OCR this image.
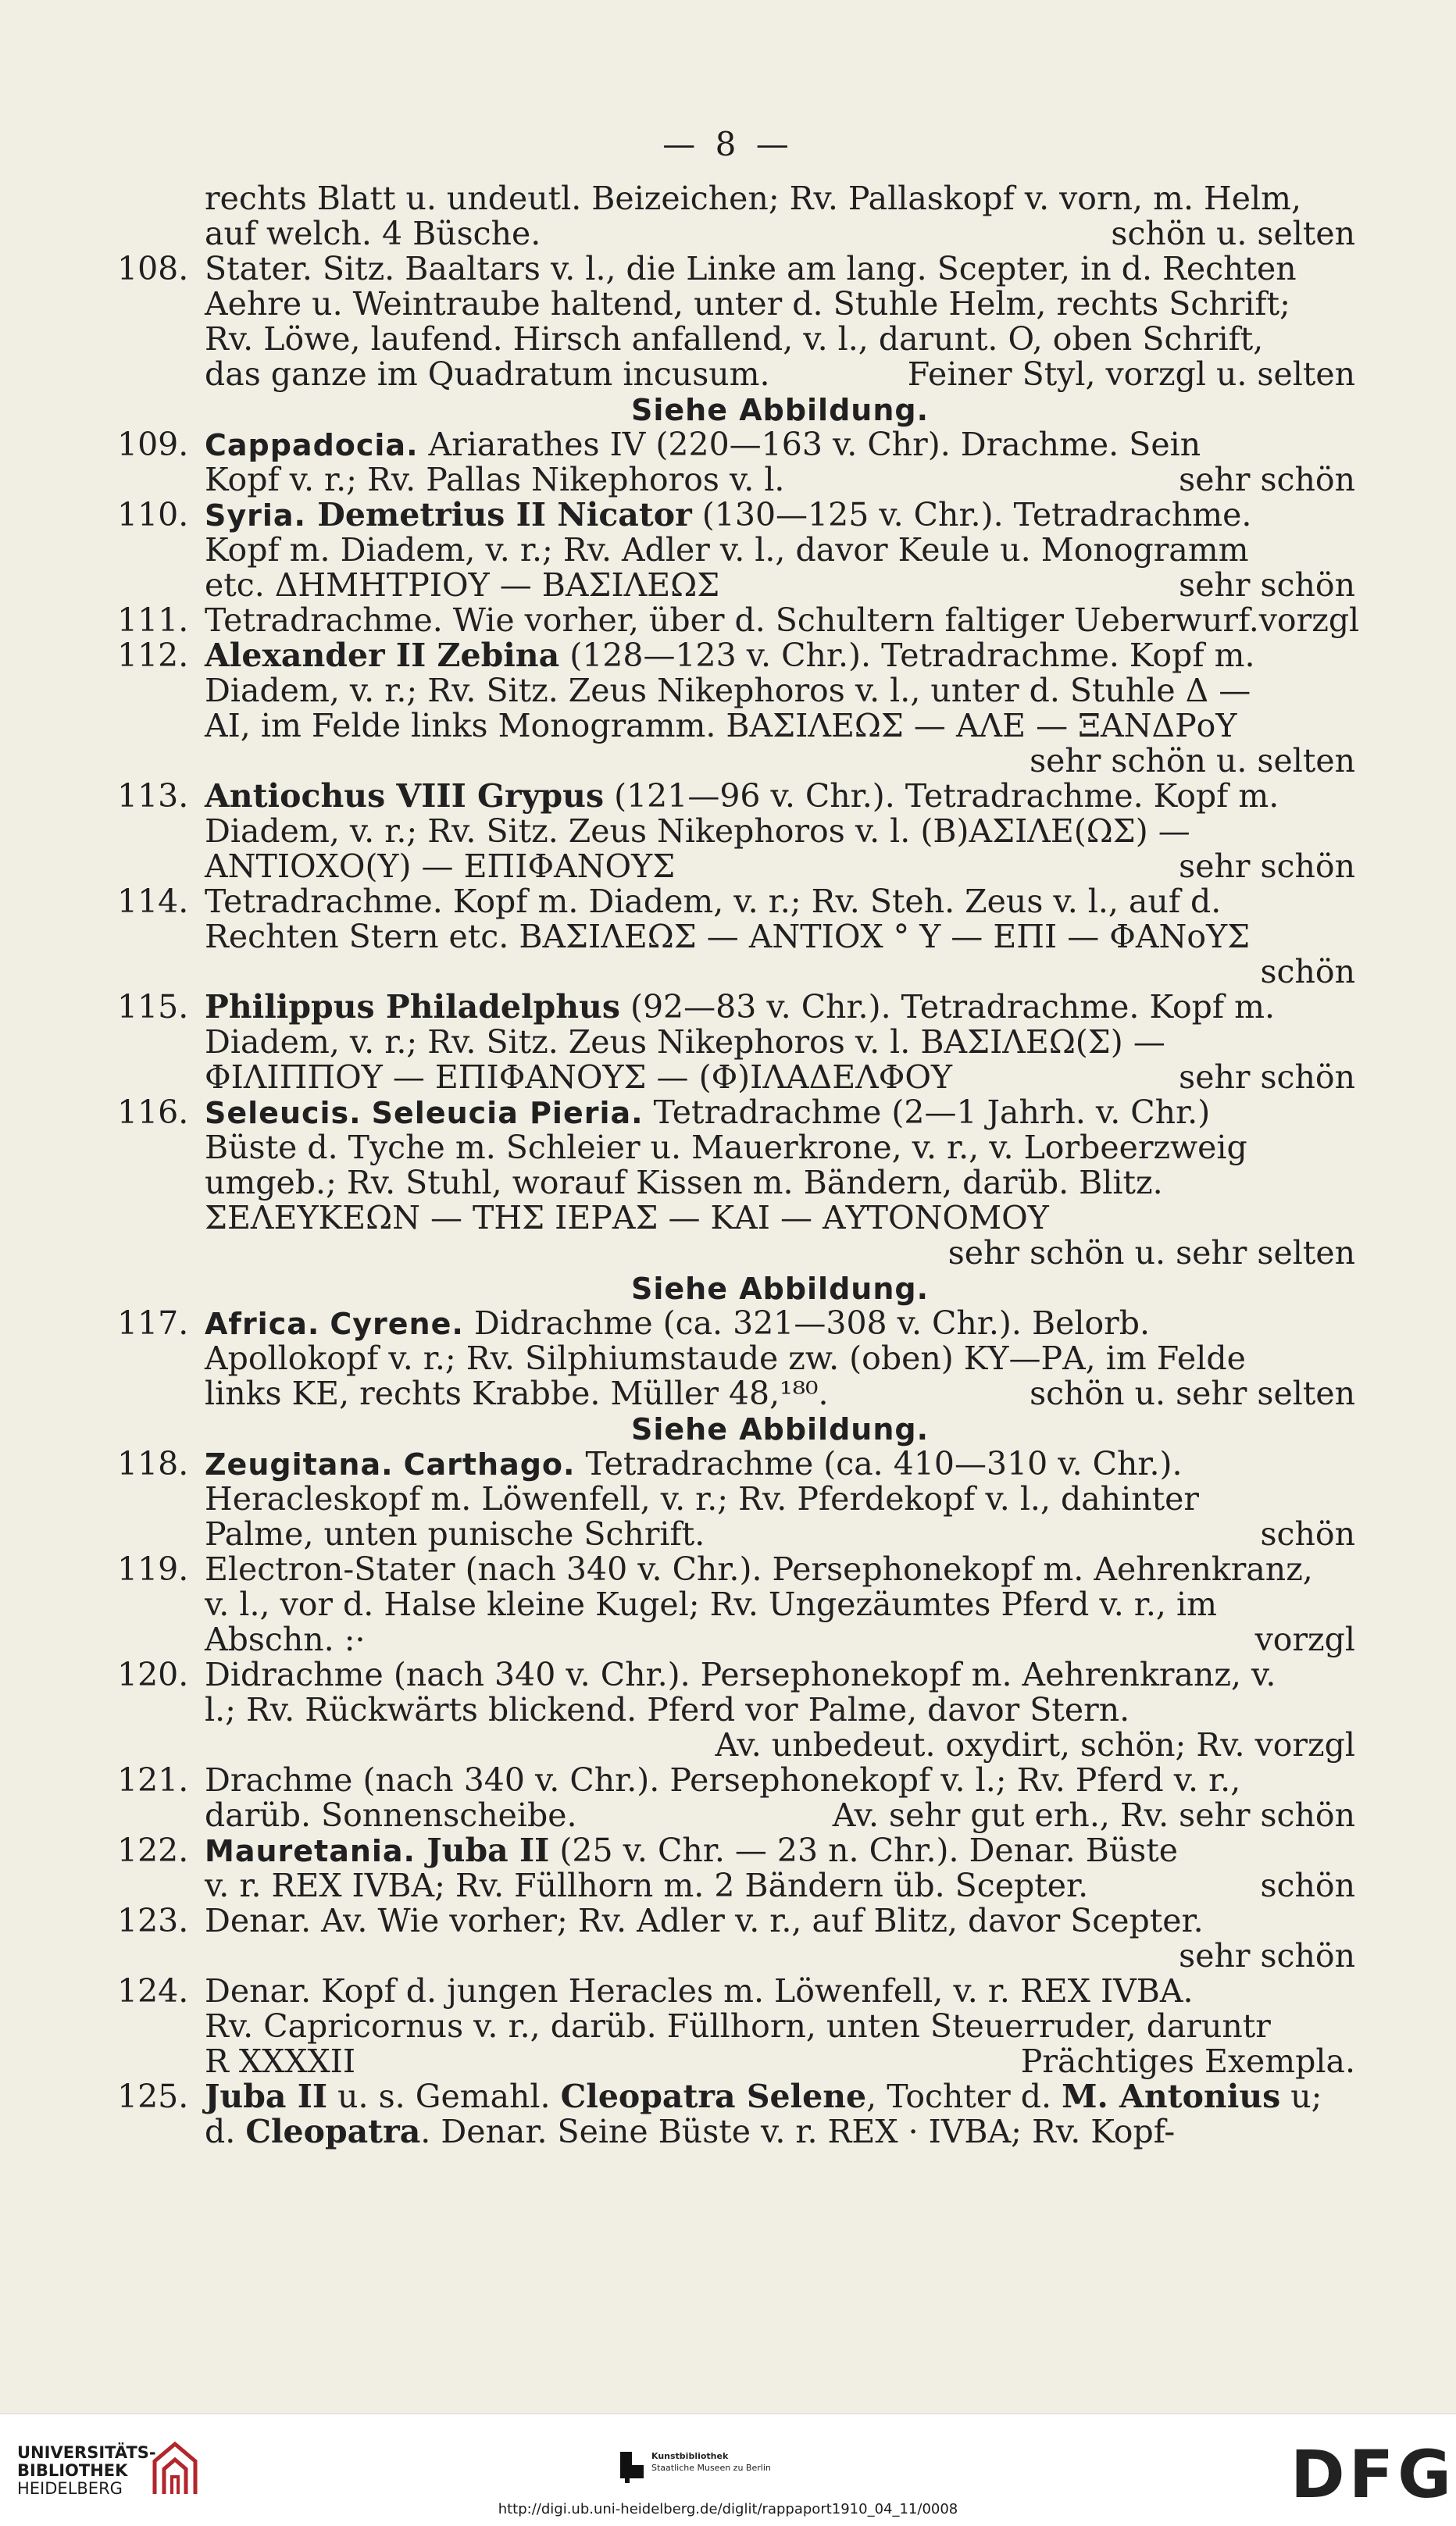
— 8 —
rechts Blatt u. undeutl. Beizeichen; Rv. Pallaskopf v. vorn, m. Helm,
auf welch. 4 Büsche.	schön u. selten
108. Stater. Sitz. Baaltars v. l., die Linke am lang. Scepter, in d. Rechten
Aehre u. Weintraube haltend, unter d. Stuhle Helm, rechts Schrift;
Rv. Löwe, laufend. Hirsch anfallend, v. l., darunt. O, oben Schrift,
das ganze im Quadratum incusum.	Feiner Styl, vorzgl u. selten
Siehe Abbildung.
109. Cappadocia. Ariarathes IV (220—163 v. Chr). Drachme. Sein
Kopf v. r.; Rv. Pallas Nikephoros v. l.	sehr schön
110. Syria. Demetrius II Nicator (130—125 v. Chr.). Tetradrachme.
Kopf m. Diadem, v. r.; Rv. Adler v. l., davor Keule u. Monogramm
etc. ΔΗΜΗΤΡΙΟΥ — ΒΑΣΙΛΕΩΣ	sehr schön
111. Tetradrachme. Wie vorher, über d. Schultern faltiger Ueberwurf. vorzgl
112. Alexander II Zebina (128—123 v. Chr.). Tetradrachme. Kopf m.
Diadem, v. r.; Rv. Sitz. Zeus Nikephoros v. l., unter d. Stuhle Δ —
AI, im Felde links Monogramm. ΒΑΣΙΛΕΩΣ — ΑΛΕ — ΞΑΝΔΡοΥ
sehr schön u. selten
113. Antiochus VIII Grypus (121—96 v. Chr.). Tetradrachme. Kopf m.
Diadem, v. r.; Rv. Sitz. Zeus Nikephoros v. l. (Β)ΑΣΙΛΕ(ΩΣ) —
ΑΝΤΙΟΧΟ(Υ) — ΕΠΙΦΑΝΟΥΣ	sehr schön
114. Tetradrachme. Kopf m. Diadem, v. r.; Rv. Steh. Zeus v. l., auf d.
Rechten Stern etc. ΒΑΣΙΛΕΩΣ — ΑΝΤΙΟΧ ° Υ — ΕΠΙ — ΦΑΝοΥΣ
schön
115. Philippus Philadelphus (92—83 v. Chr.). Tetradrachme. Kopf m.
Diadem, v. r.; Rv. Sitz. Zeus Nikephoros v. l. ΒΑΣΙΛΕΩ(Σ) —
ΦΙΛΙΠΠΟΥ — ΕΠΙΦΑΝΟΥΣ — (Φ)ΙΛΑΔΕΛΦΟΥ	sehr schön
116. Seleucis. Seleucia Pieria. Tetradrachme (2—1 Jahrh. v. Chr.)
Büste d. Tyche m. Schleier u. Mauerkrone, v. r., v. Lorbeerzweig
umgeb.; Rv. Stuhl, worauf Kissen m. Bändern, darüb. Blitz.
ΣΕΛΕΥΚΕΩΝ — ΤΗΣ ΙΕΡΑΣ — ΚΑΙ — ΑΥΤΟΝΟΜΟΥ
sehr schön u. sehr selten
Siehe Abbildung.
117. Africa. Cyrene. Didrachme (ca. 321—308 v. Chr.). Belorb.
Apollokopf v. r.; Rv. Silphiumstaude zw. (oben) ΚΥ—ΡΑ, im Felde
links ΚΕ, rechts Krabbe. Müller 48,¹⁸⁰.	schön u. sehr selten
Siehe Abbildung.
118. Zeugitana. Carthago. Tetradrachme (ca. 410—310 v. Chr.).
Heracleskopf m. Löwenfell, v. r.; Rv. Pferdekopf v. l., dahinter
Palme, unten punische Schrift.	schön
119. Electron-Stater (nach 340 v. Chr.). Persephonekopf m. Aehrenkranz,
v. l., vor d. Halse kleine Kugel; Rv. Ungezäumtes Pferd v. r., im
Abschn. :·	vorzgl
120. Didrachme (nach 340 v. Chr.). Persephonekopf m. Aehrenkranz, v.
l.; Rv. Rückwärts blickend. Pferd vor Palme, davor Stern.
Av. unbedeut. oxydirt, schön; Rv. vorzgl
121. Drachme (nach 340 v. Chr.). Persephonekopf v. l.; Rv. Pferd v. r.,
darüb. Sonnenscheibe.	Av. sehr gut erh., Rv. sehr schön
122. Mauretania. Juba II (25 v. Chr. — 23 n. Chr.). Denar. Büste
v. r. REX IVBA; Rv. Füllhorn m. 2 Bändern üb. Scepter.	schön
123. Denar. Av. Wie vorher; Rv. Adler v. r., auf Blitz, davor Scepter.
sehr schön
124. Denar. Kopf d. jungen Heracles m. Löwenfell, v. r. REX IVBA.
Rv. Capricornus v. r., darüb. Füllhorn, unten Steuerruder, daruntr
R XXXXII	Prächtiges Exempla.
125. Juba II u. s. Gemahl. Cleopatra Selene, Tochter d. M. Antonius u;
d. Cleopatra. Denar. Seine Büste v. r. REX · IVBA; Rv. Kopf-
UNIVERSITÄTS-
BIBLIOTHEK
HEIDELBERG
Kunstbibliothek
Staatliche Museen zu Berlin	DFG
http://digi.ub.uni-heidelberg.de/diglit/rappaport1910_04_11/0008
